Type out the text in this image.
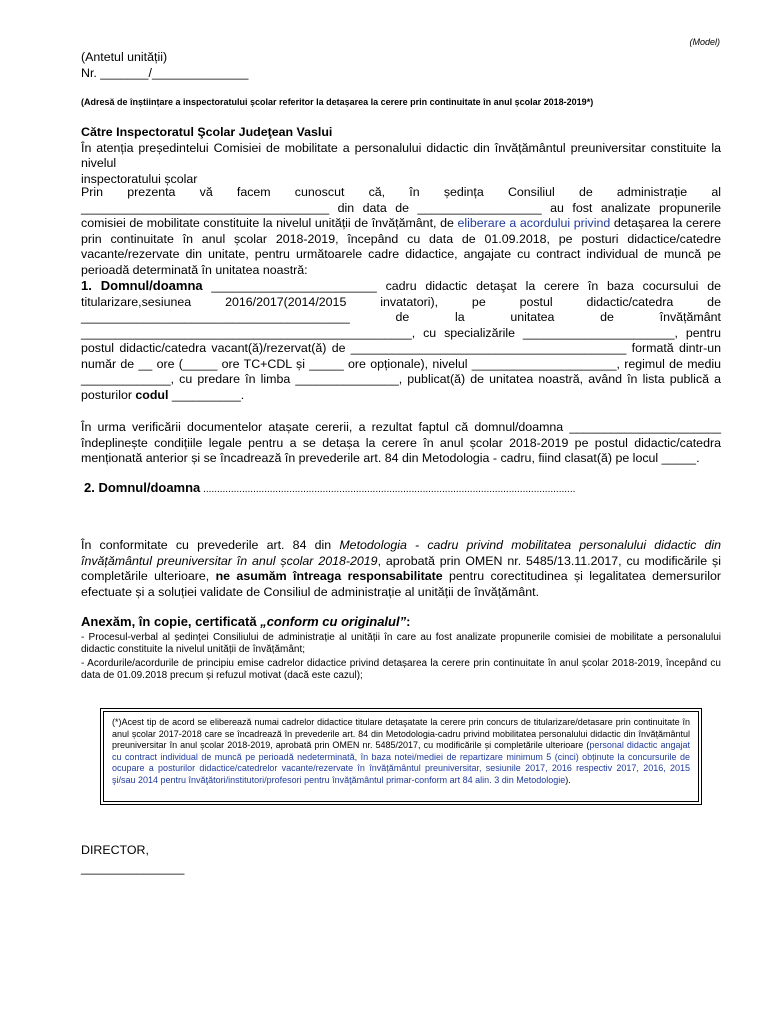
(Model)

(Antetul unității)

Nr. _______/______________

(Adresă de înștiințare a inspectoratului școlar referitor la detașarea la cerere prin continuitate în anul școlar 2018-2019*)

Către Inspectoratul Şcolar Judeţean Vaslui

În atenția președintelui Comisiei de mobilitate a personalului didactic din învățământul preuniversitar constituite la nivelul

inspectoratului școlar

Prin prezenta vă facem cunoscut că, în ședința Consiliul de administrație al ____________________________________ din data de __________________ au fost analizate propunerile comisiei de mobilitate constituite la nivelul unității de învățământ, de eliberare a acordului privind detașarea la cerere prin continuitate în anul școlar 2018-2019, începând cu data de 01.09.2018, pe posturi didactice/catedre vacante/rezervate din unitate, pentru următoarele cadre didactice, angajate cu contract individual de muncă pe perioadă determinată în unitatea noastră:

1. Domnul/doamna ________________________ cadru didactic detaşat la cerere în baza cocursului de

titularizare,sesiunea	2016/2017(2014/2015	invatatori),	pe	postul	didactic/catedra	de
_______________________________________	de	la	unitatea	de	învățământ

________________________________________________, cu specializările ______________________, pentru postul didactic/catedra vacant(ă)/rezervat(ă) de ________________________________________ formată dintr-un număr de __ ore (_____ ore TC+CDL și _____ ore opționale), nivelul _____________________, regimul de mediu _____________, cu predare în limba _______________, publicat(ă) de unitatea noastră, având în lista publică a posturilor codul __________.

În urma verificării documentelor atașate cererii, a rezultat faptul că domnul/doamna ______________________ îndeplinește condițiile legale pentru a se detașa la cerere în anul școlar 2018-2019 pe postul didactic/catedra menționată anterior și se încadrează în prevederile art. 84 din Metodologia - cadru, fiind clasat(ă) pe locul _____.
2. Domnul/doamna ......................................................................................................................................
În conformitate cu prevederile art. 84 din Metodologia - cadru privind mobilitatea personalului didactic din învățământul preuniversitar în anul școlar 2018-2019, aprobată prin OMEN nr. 5485/13.11.2017, cu modificările și completările ulterioare, ne asumăm întreaga responsabilitate pentru corectitudinea și legalitatea demersurilor efectuate și a soluției validate de Consiliul de administrație al unității de învățământ.

Anexăm, în copie, certificată „conform cu originalul”:

- Procesul-verbal al ședinței Consiliului de administrație al unității în care au fost analizate propunerile comisiei de mobilitate a personalului didactic constituite la nivelul unității de învățământ;

- Acordurile/acordurile de principiu emise cadrelor didactice privind detașarea la cerere prin continuitate în anul școlar 2018-2019, începând cu data de 01.09.2018 precum și refuzul motivat (dacă este cazul);

(*)Acest tip de acord se eliberează numai cadrelor didactice titulare detaşatate la cerere prin concurs de titularizare/detasare prin continuitate în anul școlar 2017-2018 care se încadrează în prevederile art. 84 din Metodologia-cadru privind mobilitatea personalului didactic din învățământul preuniversitar în anul școlar 2018-2019, aprobată prin OMEN nr. 5485/2017, cu modificările și completările ulterioare (personal didactic angajat cu contract individual de muncă pe perioadă nedeterminată, în baza notei/mediei de repartizare minimum 5 (cinci) obținute la concursurile de ocupare a posturilor didactice/catedrelor vacante/rezervate în învățământul preuniversitar, sesiunile 2017, 2016 respectiv 2017, 2016, 2015 şi/sau 2014 pentru învăţători/institutori/profesori pentru învăţământul primar-conform art 84 alin. 3 din Metodologie).

DIRECTOR,

_______________
